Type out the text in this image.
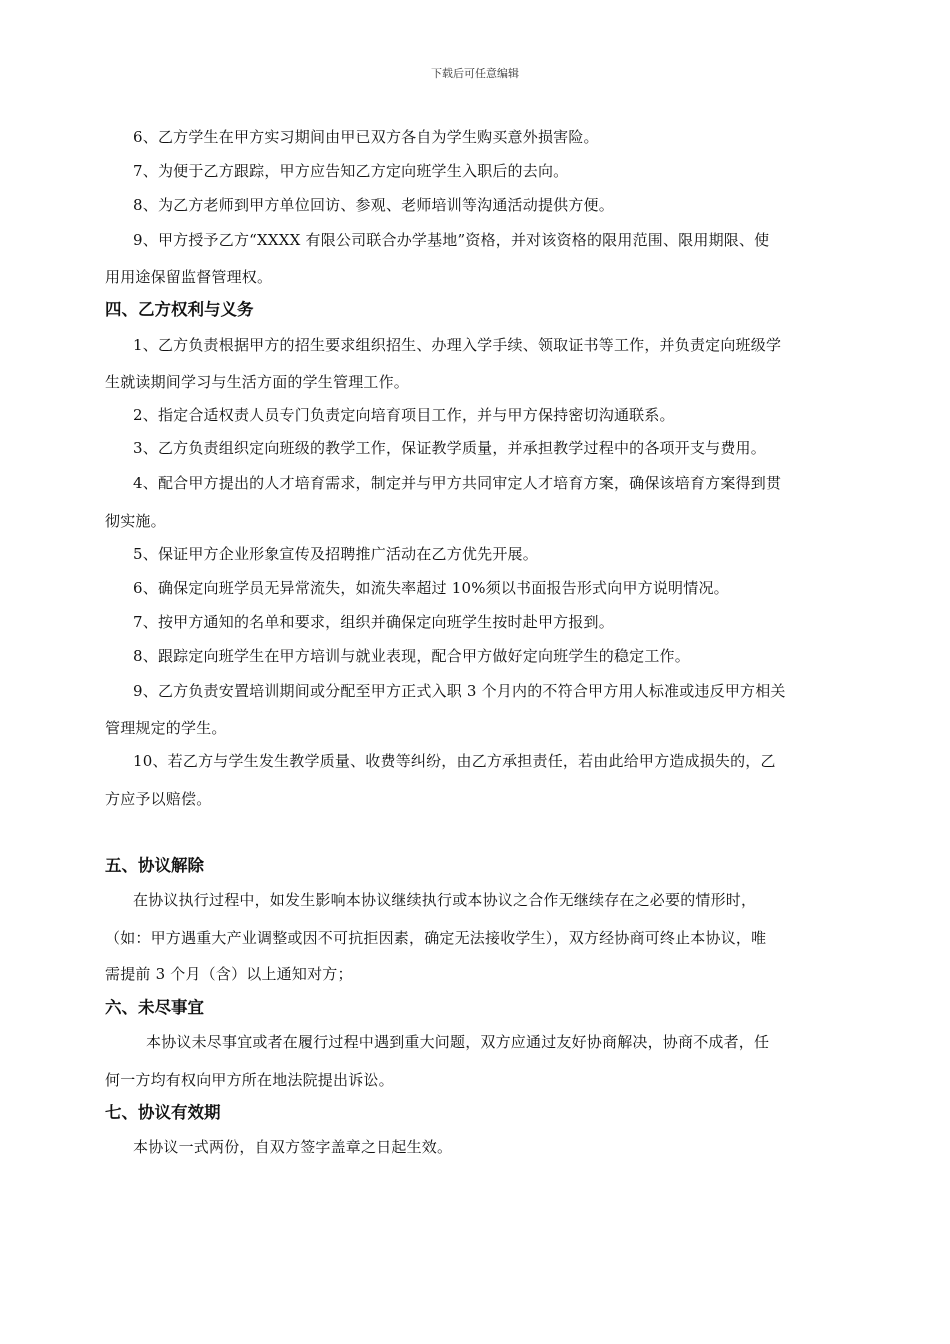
下载后可任意编辑
6、乙方学生在甲方实习期间由甲已双方各自为学生购买意外损害险。
7、为便于乙方跟踪，甲方应告知乙方定向班学生入职后的去向。
8、为乙方老师到甲方单位回访、参观、老师培训等沟通活动提供方便。
9、甲方授予乙方“XXXX 有限公司联合办学基地”资格，并对该资格的限用范围、限用期限、使
用用途保留监督管理权。
四、乙方权利与义务
1、乙方负责根据甲方的招生要求组织招生、办理入学手续、领取证书等工作，并负责定向班级学
生就读期间学习与生活方面的学生管理工作。
2、指定合适权责人员专门负责定向培育项目工作，并与甲方保持密切沟通联系。
3、乙方负责组织定向班级的教学工作，保证教学质量，并承担教学过程中的各项开支与费用。
4、配合甲方提出的人才培育需求，制定并与甲方共同审定人才培育方案，确保该培育方案得到贯
彻实施。
5、保证甲方企业形象宣传及招聘推广活动在乙方优先开展。
6、确保定向班学员无异常流失，如流失率超过 10%须以书面报告形式向甲方说明情况。
7、按甲方通知的名单和要求，组织并确保定向班学生按时赴甲方报到。
8、跟踪定向班学生在甲方培训与就业表现，配合甲方做好定向班学生的稳定工作。
9、乙方负责安置培训期间或分配至甲方正式入职 3 个月内的不符合甲方用人标准或违反甲方相关
管理规定的学生。
10、若乙方与学生发生教学质量、收费等纠纷，由乙方承担责任，若由此给甲方造成损失的，乙
方应予以赔偿。
五、协议解除
在协议执行过程中，如发生影响本协议继续执行或本协议之合作无继续存在之必要的情形时，
（如：甲方遇重大产业调整或因不可抗拒因素，确定无法接收学生），双方经协商可终止本协议，唯
需提前 3 个月（含）以上通知对方；
六、未尽事宜
本协议未尽事宜或者在履行过程中遇到重大问题，双方应通过友好协商解决，协商不成者，任
何一方均有权向甲方所在地法院提出诉讼。
七、协议有效期
本协议一式两份，自双方签字盖章之日起生效。
